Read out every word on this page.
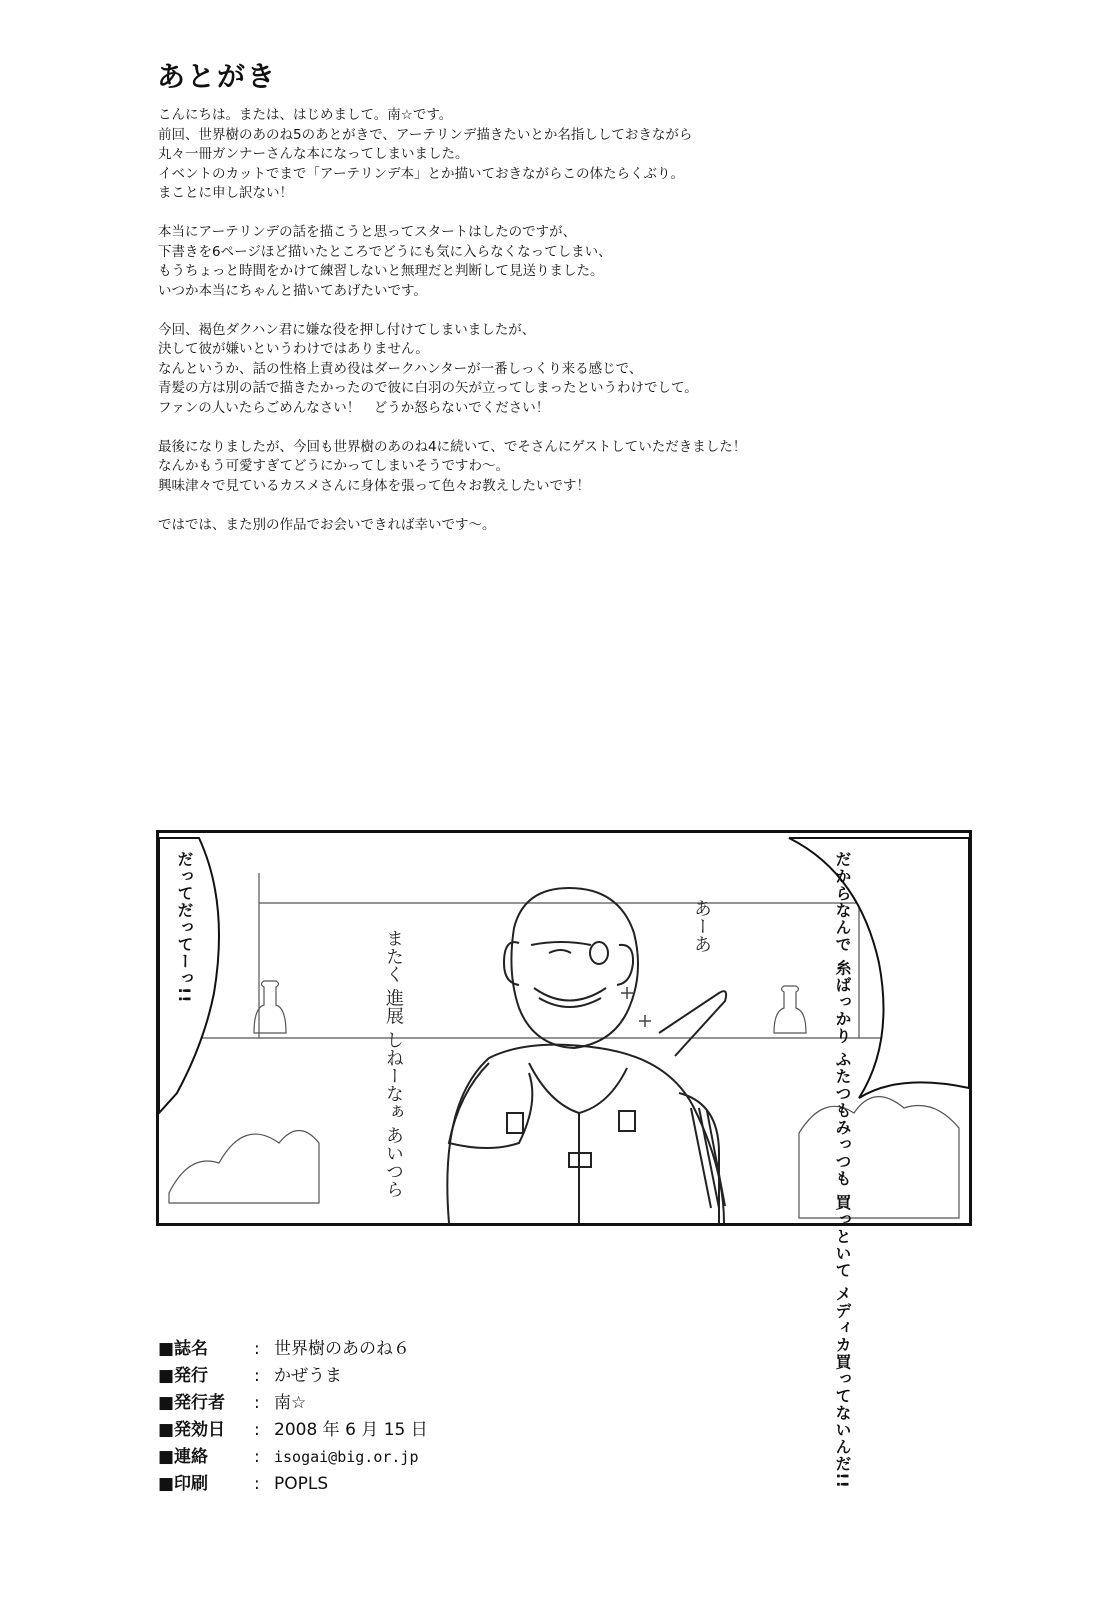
あとがき
こんにちは。または、はじめまして。南☆です。
前回、世界樹のあのね5のあとがきで、アーテリンデ描きたいとか名指ししておきながら
丸々一冊ガンナーさんな本になってしまいました。
イベントのカットでまで「アーテリンデ本」とか描いておきながらこの体たらくぶり。
まことに申し訳ない！
本当にアーテリンデの話を描こうと思ってスタートはしたのですが、
下書きを6ページほど描いたところでどうにも気に入らなくなってしまい、
もうちょっと時間をかけて練習しないと無理だと判断して見送りました。
いつか本当にちゃんと描いてあげたいです。
今回、褐色ダクハン君に嫌な役を押し付けてしまいましたが、
決して彼が嫌いというわけではありません。
なんというか、話の性格上責め役はダークハンターが一番しっくり来る感じで、
青髪の方は別の話で描きたかったので彼に白羽の矢が立ってしまったというわけでして。
ファンの人いたらごめんなさい！　どうか怒らないでください！
最後になりましたが、今回も世界樹のあのね4に続いて、でそさんにゲストしていただきました！
なんかもう可愛すぎてどうにかってしまいそうですわ〜。
興味津々で見ているカスメさんに身体を張って色々お教えしたいです！
ではでは、また別の作品でお会いできれば幸いです〜。
だってだってーっ!!	だからなんで 糸ばっかり ふたつもみっつも 買っといて メディカ買ってないんだ!!
またく 進展 しねーなぁ あいつら
あーあ
■誌名	: 世界樹のあのね６
■発行	: かぜうま
■発行者	: 南☆
■発効日	: 2008 年 6 月 15 日
■連絡	: isogai@big.or.jp
■印刷	: POPLS
